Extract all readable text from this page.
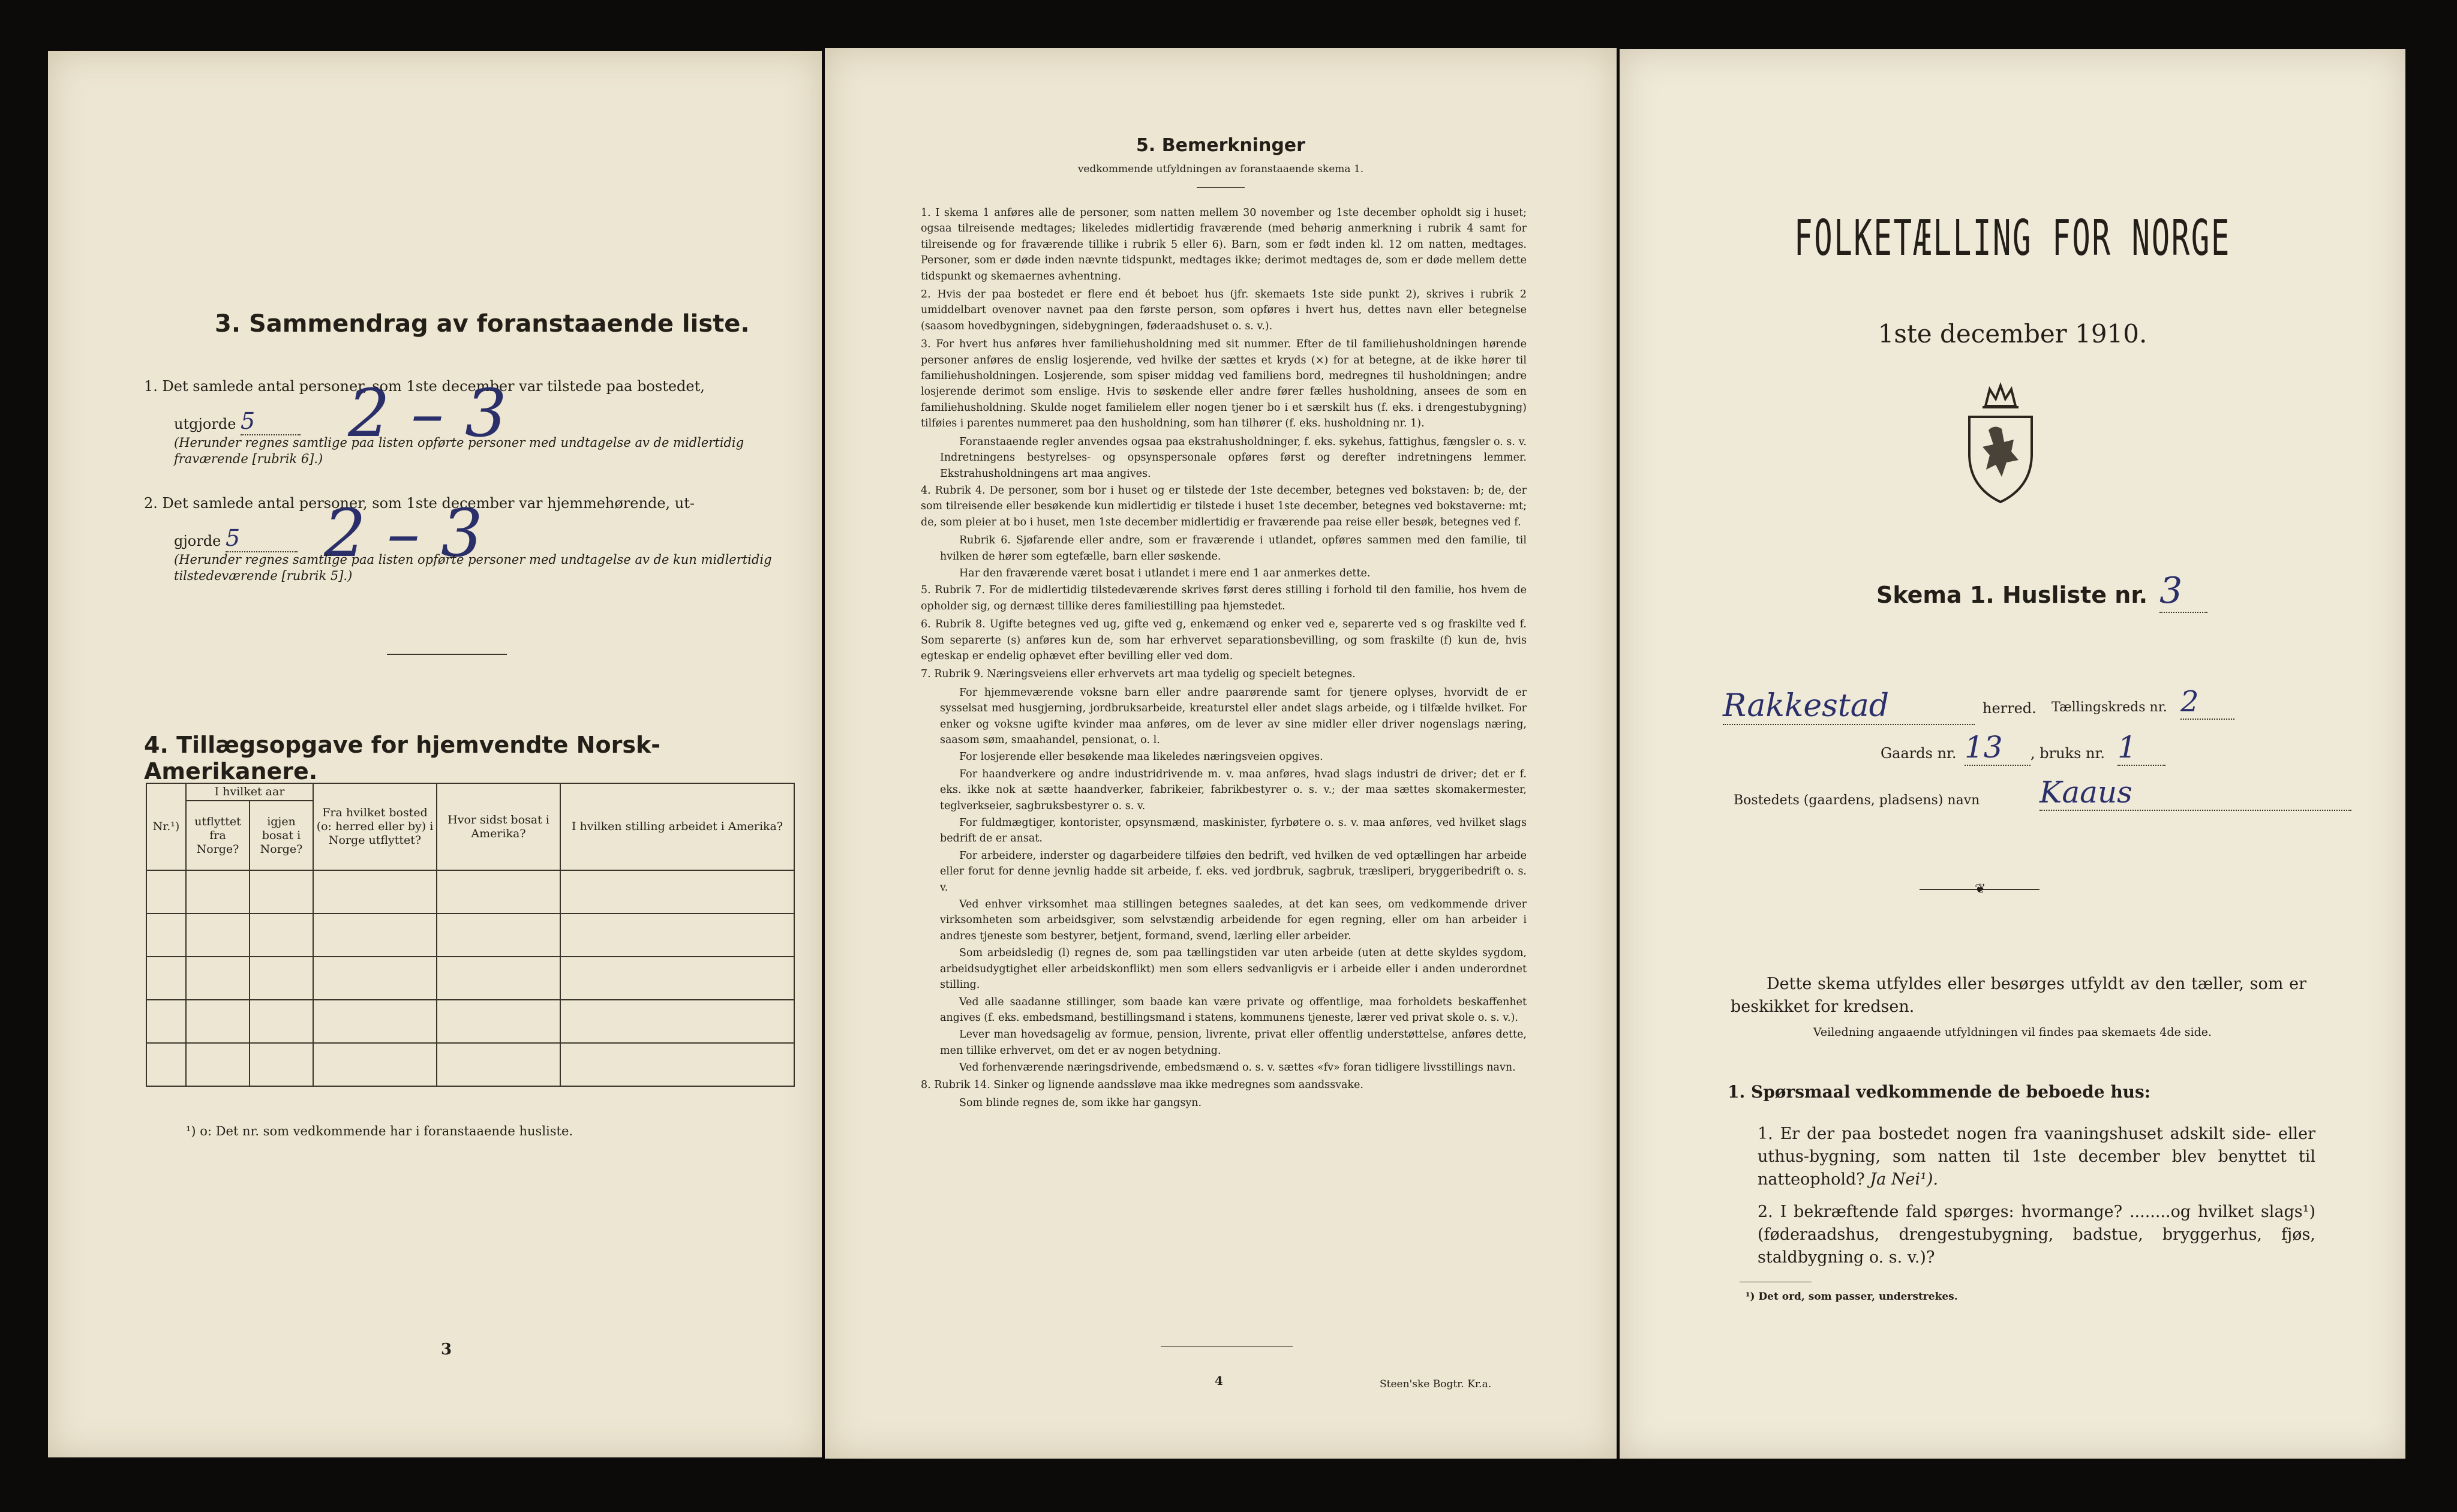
3. Sammendrag av foranstaaende liste.
1. Det samlede antal personer, som 1ste december var tilstede paa bostedet,
utgjorde 5	2 – 3
(Herunder regnes samtlige paa listen opførte personer med undtagelse av de midlertidig fraværende [rubrik 6].)
2. Det samlede antal personer, som 1ste december var hjemmehørende, ut-
gjorde 5	2 – 3
(Herunder regnes samtlige paa listen opførte personer med undtagelse av de kun midlertidig tilstedeværende [rubrik 5].)
4. Tillægsopgave for hjemvendte Norsk-Amerikanere.
Nr.¹)	I hvilket aar		Fra hvilket bosted (o: herred eller by) i Norge utflyttet?	Hvor sidst bosat i Amerika?	I hvilken stilling arbeidet i Amerika?
	utflyttet fra Norge?	igjen bosat i Norge?			

¹) o: Det nr. som vedkommende har i foranstaaende husliste.
3
5. Bemerkninger
vedkommende utfyldningen av foranstaaende skema 1.

1. I skema 1 anføres alle de personer, som natten mellem 30 november og 1ste december opholdt sig i huset; ogsaa tilreisende medtages; likeledes midlertidig fraværende (med behørig anmerkning i rubrik 4 samt for tilreisende og for fraværende tillike i rubrik 5 eller 6). Barn, som er født inden kl. 12 om natten, medtages. Personer, som er døde inden nævnte tidspunkt, medtages ikke; derimot medtages de, som er døde mellem dette tidspunkt og skemaernes avhentning.

2. Hvis der paa bostedet er flere end ét beboet hus (jfr. skemaets 1ste side punkt 2), skrives i rubrik 2 umiddelbart ovenover navnet paa den første person, som opføres i hvert hus, dettes navn eller betegnelse (saasom hovedbygningen, sidebygningen, føderaadshuset o. s. v.).

3. For hvert hus anføres hver familiehusholdning med sit nummer. Efter de til familiehusholdningen hørende personer anføres de enslig losjerende, ved hvilke der sættes et kryds (×) for at betegne, at de ikke hører til familiehusholdningen. Losjerende, som spiser middag ved familiens bord, medregnes til husholdningen; andre losjerende derimot som enslige. Hvis to søskende eller andre fører fælles husholdning, ansees de som en familiehusholdning. Skulde noget familielem eller nogen tjener bo i et særskilt hus (f. eks. i drengestubygning) tilføies i parentes nummeret paa den husholdning, som han tilhører (f. eks. husholdning nr. 1).

Foranstaaende regler anvendes ogsaa paa ekstrahusholdninger, f. eks. sykehus, fattighus, fængsler o. s. v. Indretningens bestyrelses- og opsynspersonale opføres først og derefter indretningens lemmer. Ekstrahusholdningens art maa angives.

4. Rubrik 4. De personer, som bor i huset og er tilstede der 1ste december, betegnes ved bokstaven: b; de, der som tilreisende eller besøkende kun midlertidig er tilstede i huset 1ste december, betegnes ved bokstaverne: mt; de, som pleier at bo i huset, men 1ste december midlertidig er fraværende paa reise eller besøk, betegnes ved f.

Rubrik 6. Sjøfarende eller andre, som er fraværende i utlandet, opføres sammen med den familie, til hvilken de hører som egtefælle, barn eller søskende.

Har den fraværende været bosat i utlandet i mere end 1 aar anmerkes dette.

5. Rubrik 7. For de midlertidig tilstedeværende skrives først deres stilling i forhold til den familie, hos hvem de opholder sig, og dernæst tillike deres familiestilling paa hjemstedet.

6. Rubrik 8. Ugifte betegnes ved ug, gifte ved g, enkemænd og enker ved e, separerte ved s og fraskilte ved f. Som separerte (s) anføres kun de, som har erhvervet separationsbevilling, og som fraskilte (f) kun de, hvis egteskap er endelig ophævet efter bevilling eller ved dom.

7. Rubrik 9. Næringsveiens eller erhvervets art maa tydelig og specielt betegnes.

For hjemmeværende voksne barn eller andre paarørende samt for tjenere oplyses, hvorvidt de er sysselsat med husgjerning, jordbruksarbeide, kreaturstel eller andet slags arbeide, og i tilfælde hvilket. For enker og voksne ugifte kvinder maa anføres, om de lever av sine midler eller driver nogenslags næring, saasom søm, smaahandel, pensionat, o. l.

For losjerende eller besøkende maa likeledes næringsveien opgives.

For haandverkere og andre industridrivende m. v. maa anføres, hvad slags industri de driver; det er f. eks. ikke nok at sætte haandverker, fabrikeier, fabrikbestyrer o. s. v.; der maa sættes skomakermester, teglverkseier, sagbruksbestyrer o. s. v.

For fuldmægtiger, kontorister, opsynsmænd, maskinister, fyrbøtere o. s. v. maa anføres, ved hvilket slags bedrift de er ansat.

For arbeidere, inderster og dagarbeidere tilføies den bedrift, ved hvilken de ved optællingen har arbeide eller forut for denne jevnlig hadde sit arbeide, f. eks. ved jordbruk, sagbruk, træsliperi, bryggeribedrift o. s. v.

Ved enhver virksomhet maa stillingen betegnes saaledes, at det kan sees, om vedkommende driver virksomheten som arbeidsgiver, som selvstændig arbeidende for egen regning, eller om han arbeider i andres tjeneste som bestyrer, betjent, formand, svend, lærling eller arbeider.

Som arbeidsledig (l) regnes de, som paa tællingstiden var uten arbeide (uten at dette skyldes sygdom, arbeidsudygtighet eller arbeidskonflikt) men som ellers sedvanligvis er i arbeide eller i anden underordnet stilling.

Ved alle saadanne stillinger, som baade kan være private og offentlige, maa forholdets beskaffenhet angives (f. eks. embedsmand, bestillingsmand i statens, kommunens tjeneste, lærer ved privat skole o. s. v.).

Lever man hovedsagelig av formue, pension, livrente, privat eller offentlig understøttelse, anføres dette, men tillike erhvervet, om det er av nogen betydning.

Ved forhenværende næringsdrivende, embedsmænd o. s. v. sættes «fv» foran tidligere livsstillings navn.

8. Rubrik 14. Sinker og lignende aandssløve maa ikke medregnes som aandssvake.

Som blinde regnes de, som ikke har gangsyn.

4	Steen'ske Bogtr. Kr.a.
FOLKETÆLLING FOR NORGE
1ste december 1910.
Skema 1. Husliste nr. 3
Rakkestad	herred. Tællingskreds nr. 2
Gaards nr. 13	, bruks nr. 1
Bostedets (gaardens, pladsens) navn Kaaus
❦
Dette skema utfyldes eller besørges utfyldt av den tæller, som er beskikket for kredsen.
Veiledning angaaende utfyldningen vil findes paa skemaets 4de side.
1. Spørsmaal vedkommende de beboede hus:
1. Er der paa bostedet nogen fra vaaningshuset adskilt side- eller uthus-bygning, som natten til 1ste december blev benyttet til natteophold? Ja Nei¹).
2. I bekræftende fald spørges: hvormange? ........og hvilket slags¹) (føderaadshus, drengestubygning, badstue, bryggerhus, fjøs, staldbygning o. s. v.)?
¹) Det ord, som passer, understrekes.
